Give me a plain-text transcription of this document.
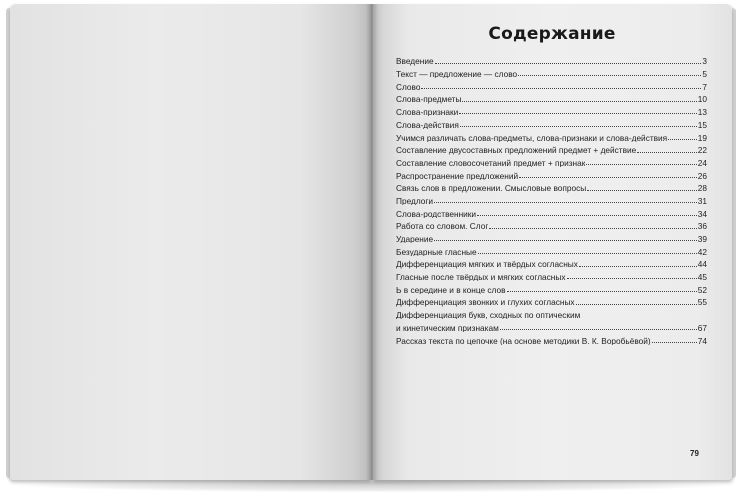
Содержание
Введение	3
Текст — предложение — слово	5
Слово	7
Слова-предметы	10
Слова-признаки	13
Слова-действия	15
Учимся различать слова-предметы, слова-признаки и слова-действия	19
Составление двусоставных предложений предмет + действие	22
Составление словосочетаний предмет + признак	24
Распространение предложений	26
Связь слов в предложении. Смысловые вопросы	28
Предлоги	31
Слова-родственники	34
Работа со словом. Слог	36
Ударение	39
Безударные гласные	42
Дифференциация мягких и твёрдых согласных	44
Гласные после твёрдых и мягких согласных	45
Ь в середине и в конце слов	52
Дифференциация звонких и глухих согласных	55
Дифференциация букв, сходных по оптическим
и кинетическим признакам	67
Рассказ текста по цепочке (на основе методики В. К. Воробьёвой)	74
79
